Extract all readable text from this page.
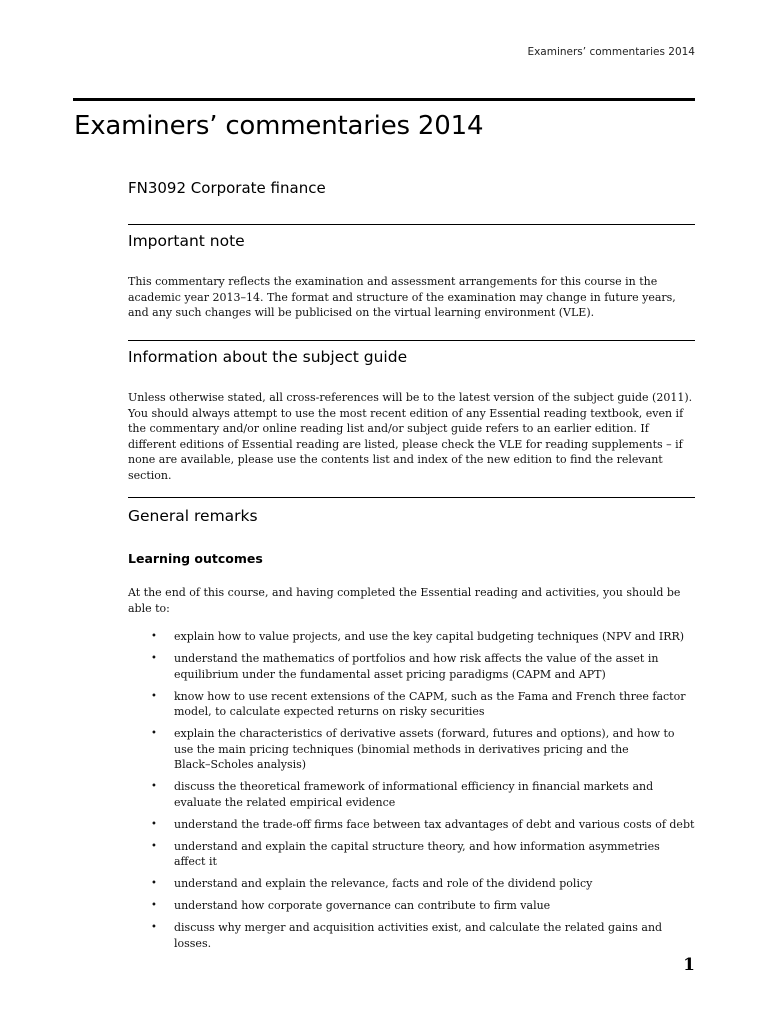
Examiners’ commentaries 2014
Examiners’ commentaries 2014
FN3092 Corporate finance
Important note

This commentary reflects the examination and assessment arrangements for this course in the
academic year 2013–14. The format and structure of the examination may change in future years,
and any such changes will be publicised on the virtual learning environment (VLE).

Information about the subject guide

Unless otherwise stated, all cross-references will be to the latest version of the subject guide (2011).
You should always attempt to use the most recent edition of any Essential reading textbook, even if
the commentary and/or online reading list and/or subject guide refers to an earlier edition. If
different editions of Essential reading are listed, please check the VLE for reading supplements – if
none are available, please use the contents list and index of the new edition to find the relevant
section.

General remarks
Learning outcomes

At the end of this course, and having completed the Essential reading and activities, you should be
able to:

• explain how to value projects, and use the key capital budgeting techniques (NPV and IRR)
• understand the mathematics of portfolios and how risk affects the value of the asset in
equilibrium under the fundamental asset pricing paradigms (CAPM and APT)
• know how to use recent extensions of the CAPM, such as the Fama and French three factor
model, to calculate expected returns on risky securities
• explain the characteristics of derivative assets (forward, futures and options), and how to
use the main pricing techniques (binomial methods in derivatives pricing and the
Black–Scholes analysis)
• discuss the theoretical framework of informational efficiency in financial markets and
evaluate the related empirical evidence
• understand the trade-off firms face between tax advantages of debt and various costs of debt
• understand and explain the capital structure theory, and how information asymmetries
affect it
• understand and explain the relevance, facts and role of the dividend policy
• understand how corporate governance can contribute to firm value
• discuss why merger and acquisition activities exist, and calculate the related gains and
losses.
1
